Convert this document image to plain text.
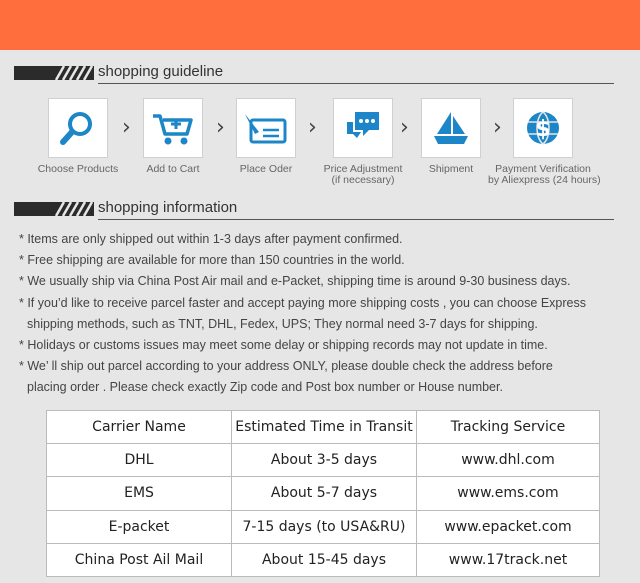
shopping guideline
Choose Products
›
Add to Cart
›
Place Oder
›
Price Adjustment
(if necessary)
›
Shipment
› $
Payment Verification
by Aliexpress (24 hours)
shopping information
* Items are only shipped out within 1-3 days after payment confirmed.
* Free shipping are available for more than 150 countries in the world.
* We usually ship via China Post Air mail and e-Packet, shipping time is around 9-30 business days.
* If you’d like to receive parcel faster and accept paying more shipping costs , you can choose Express
shipping methods, such as TNT, DHL, Fedex, UPS; They normal need 3-7 days for shipping.
* Holidays or customs issues may meet some delay or shipping records may not update in time.
* We’ ll ship out parcel according to your address ONLY, please double check the address before
placing order . Please check exactly Zip code and Post box number or House number.
Carrier Name	Estimated Time in Transit	Tracking Service
DHL	About 3-5 days	www.dhl.com
EMS	About 5-7 days	www.ems.com
E-packet	7-15 days (to USA&RU)	www.epacket.com
China Post Ail Mail	About 15-45 days	www.17track.net
